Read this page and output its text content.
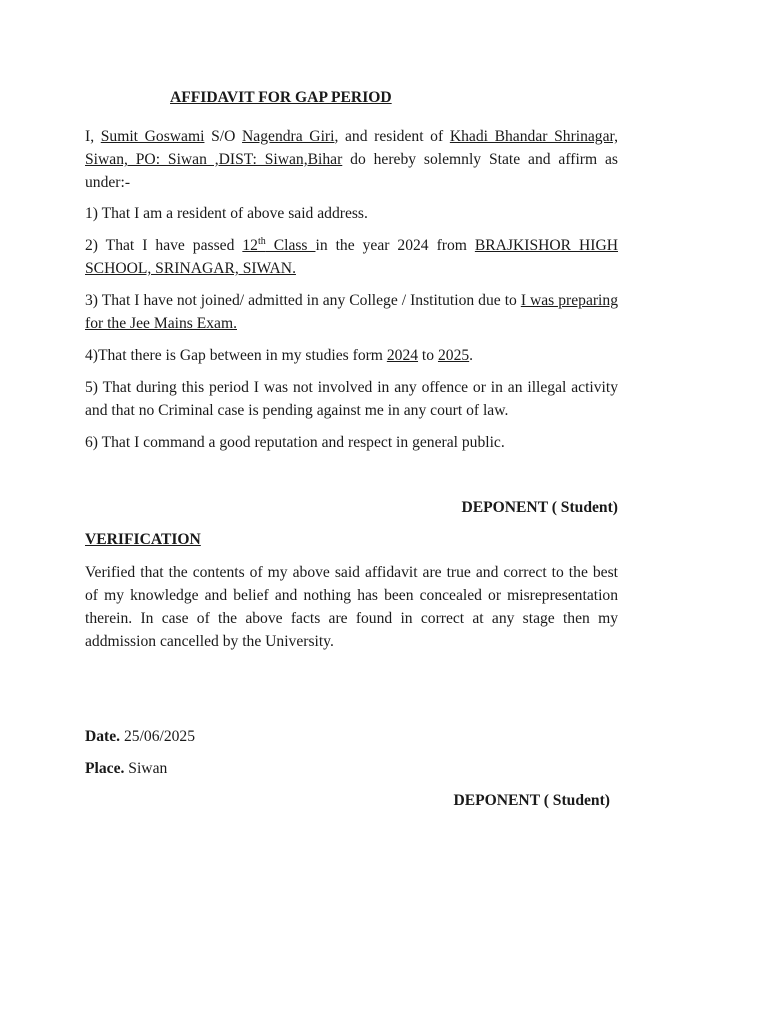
AFFIDAVIT FOR GAP PERIOD

I, Sumit Goswami S/O Nagendra Giri, and resident of Khadi Bhandar Shrinagar, Siwan, PO: Siwan ,DIST: Siwan,Bihar do hereby solemnly State and affirm as under:-

1) That I am a resident of above said address.

2) That I have passed 12th Class in the year 2024 from BRAJKISHOR HIGH SCHOOL, SRINAGAR, SIWAN.

3) That I have not joined/ admitted in any College / Institution due to I was preparing for the Jee Mains Exam.

4)That there is Gap between in my studies form 2024 to 2025.

5) That during this period I was not involved in any offence or in an illegal activity and that no Criminal case is pending against me in any court of law.

6) That I command a good reputation and respect in general public.

DEPONENT ( Student)
VERIFICATION

Verified that the contents of my above said affidavit are true and correct to the best of my knowledge and belief and nothing has been concealed or misrepresentation therein. In case of the above facts are found in correct at any stage then my addmission cancelled by the University.

Date. 25/06/2025
Place. Siwan
DEPONENT ( Student)
